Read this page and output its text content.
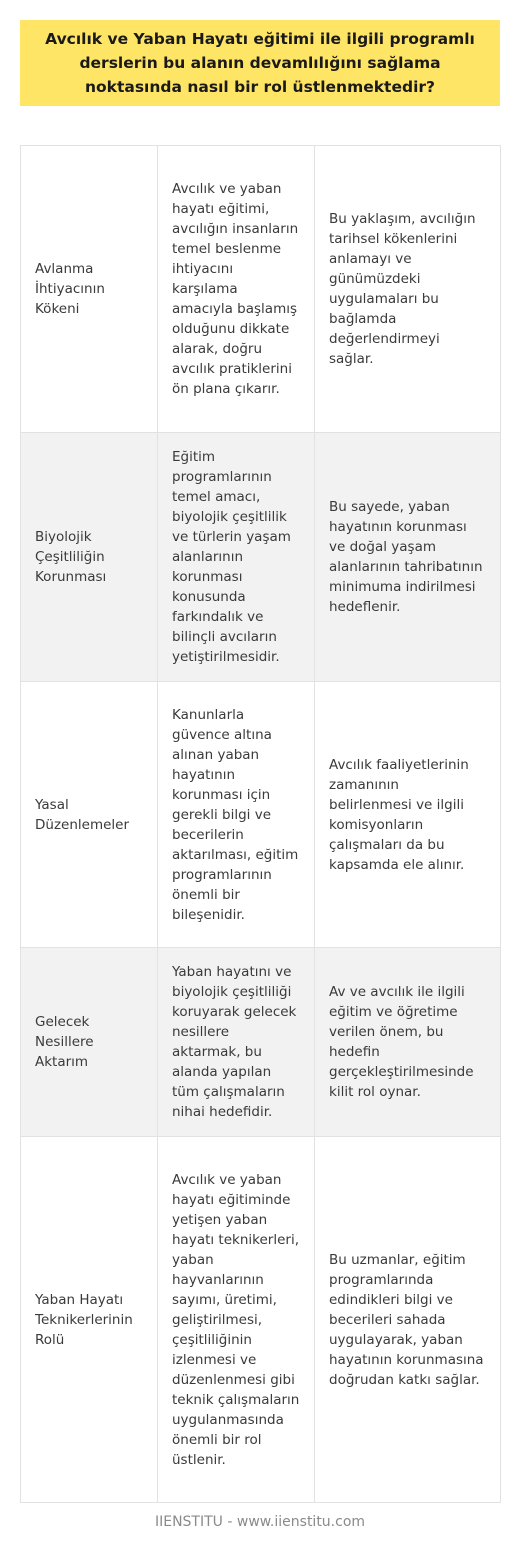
Avcılık ve Yaban Hayatı eğitimi ile ilgili programlı derslerin bu alanın devamlılığını sağlama noktasında nasıl bir rol üstlenmektedir?
Avlanma İhtiyacının Kökeni	Avcılık ve yaban hayatı eğitimi, avcılığın insanların temel beslenme ihtiyacını karşılama amacıyla başlamış olduğunu dikkate alarak, doğru avcılık pratiklerini ön plana çıkarır.	Bu yaklaşım, avcılığın tarihsel kökenlerini anlamayı ve günümüzdeki uygulamaları bu bağlamda değerlendirmeyi sağlar.
Biyolojik Çeşitliliğin Korunması	Eğitim programlarının temel amacı, biyolojik çeşitlilik ve türlerin yaşam alanlarının korunması konusunda farkındalık ve bilinçli avcıların yetiştirilmesidir.	Bu sayede, yaban hayatının korunması ve doğal yaşam alanlarının tahribatının minimuma indirilmesi hedeflenir.
Yasal Düzenlemeler	Kanunlarla güvence altına alınan yaban hayatının korunması için gerekli bilgi ve becerilerin aktarılması, eğitim programlarının önemli bir bileşenidir.	Avcılık faaliyetlerinin zamanının belirlenmesi ve ilgili komisyonların çalışmaları da bu kapsamda ele alınır.
Gelecek Nesillere Aktarım	Yaban hayatını ve biyolojik çeşitliliği koruyarak gelecek nesillere aktarmak, bu alanda yapılan tüm çalışmaların nihai hedefidir.	Av ve avcılık ile ilgili eğitim ve öğretime verilen önem, bu hedefin gerçekleştirilmesinde kilit rol oynar.
Yaban Hayatı Teknikerlerinin Rolü	Avcılık ve yaban hayatı eğitiminde yetişen yaban hayatı teknikerleri, yaban hayvanlarının sayımı, üretimi, geliştirilmesi, çeşitliliğinin izlenmesi ve düzenlenmesi gibi teknik çalışmaların uygulanmasında önemli bir rol üstlenir.	Bu uzmanlar, eğitim programlarında edindikleri bilgi ve becerileri sahada uygulayarak, yaban hayatının korunmasına doğrudan katkı sağlar.
IIENSTITU - www.iienstitu.com
